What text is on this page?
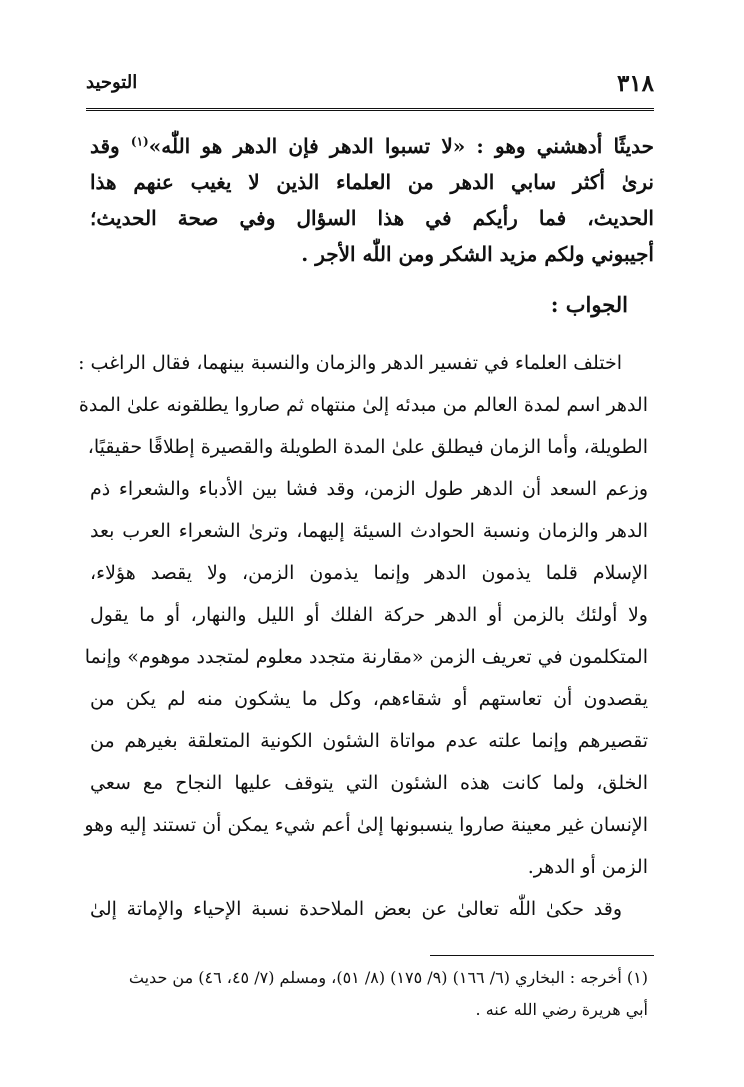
٣١٨
التوحيد
حديثًا أدهشني وهو : «لا تسبوا الدهر فإن الدهر هو اللّٰه»$^{(١)}$ وقد
نرىٰ أكثر سابي الدهر من العلماء الذين لا يغيب عنهم هذا
الحديث، فما رأيكم في هذا السؤال وفي صحة الحديث؛
أجيبوني ولكم مزيد الشكر ومن اللّٰه الأجر .
الجواب :
اختلف العلماء في تفسير الدهر والزمان والنسبة بينهما، فقال الراغب :
الدهر اسم لمدة العالم من مبدئه إلىٰ منتهاه ثم صاروا يطلقونه علىٰ المدة
الطويلة، وأما الزمان فيطلق علىٰ المدة الطويلة والقصيرة إطلاقًا حقيقيًا،
وزعم السعد أن الدهر طول الزمن، وقد فشا بين الأدباء والشعراء ذم
الدهر والزمان ونسبة الحوادث السيئة إليهما، وترىٰ الشعراء العرب بعد
الإسلام قلما يذمون الدهر وإنما يذمون الزمن، ولا يقصد هؤلاء،
ولا أولئك بالزمن أو الدهر حركة الفلك أو الليل والنهار، أو ما يقول
المتكلمون في تعريف الزمن «مقارنة متجدد معلوم لمتجدد موهوم» وإنما
يقصدون أن تعاستهم أو شقاءهم، وكل ما يشكون منه لم يكن من
تقصيرهم وإنما علته عدم مواتاة الشئون الكونية المتعلقة بغيرهم من
الخلق، ولما كانت هذه الشئون التي يتوقف عليها النجاح مع سعي
الإنسان غير معينة صاروا ينسبونها إلىٰ أعم شيء يمكن أن تستند إليه وهو
الزمن أو الدهر.
وقد حكىٰ اللّٰه تعالىٰ عن بعض الملاحدة نسبة الإحياء والإماتة إلىٰ
(١) أخرجه : البخاري (٦/ ١٦٦) (٩/ ١٧٥) (٨/ ٥١)، ومسلم (٧/ ٤٥، ٤٦) من حديث
أبي هريرة رضي الله عنه .
